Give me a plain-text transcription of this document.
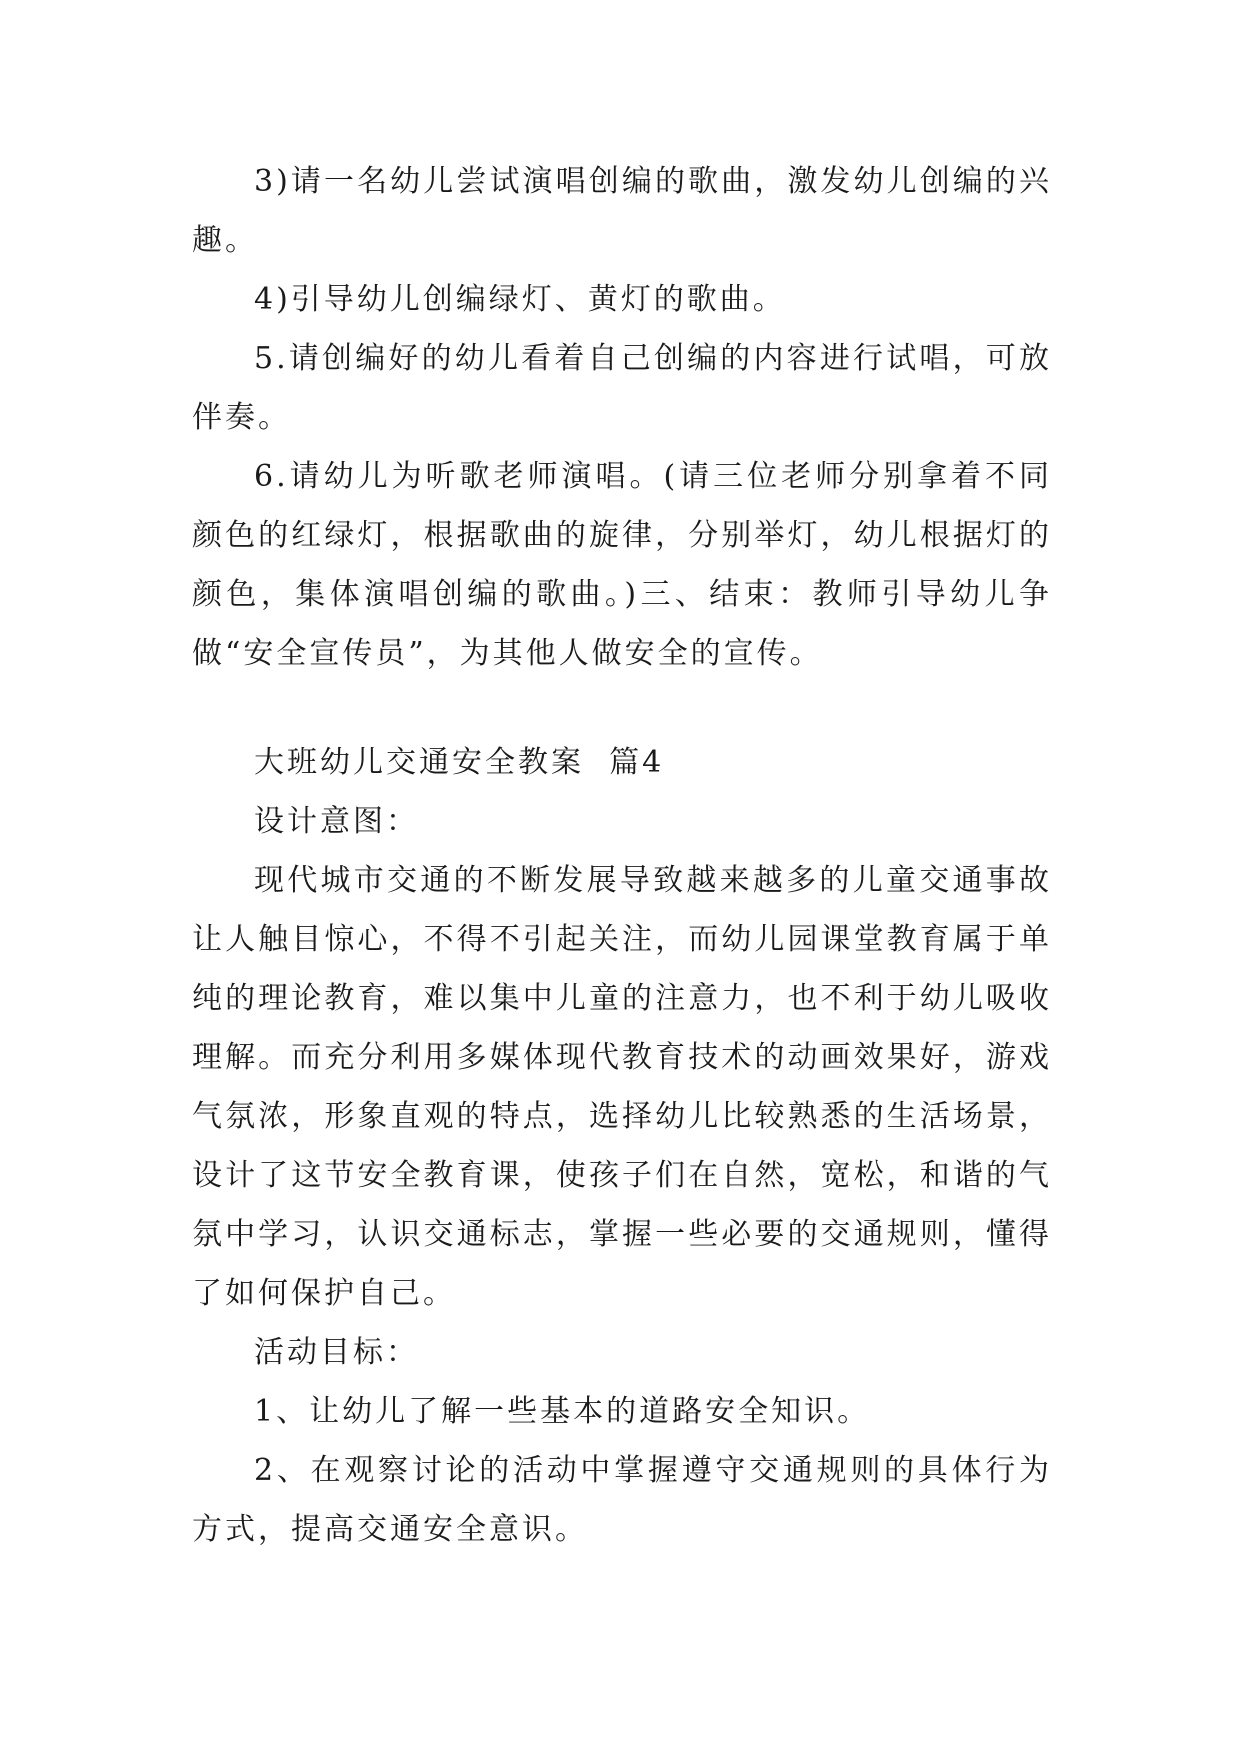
3)请一名幼儿尝试演唱创编的歌曲，激发幼儿创编的兴趣。

4)引导幼儿创编绿灯、黄灯的歌曲。

5.请创编好的幼儿看着自己创编的内容进行试唱，可放伴奏。

6.请幼儿为听歌老师演唱。(请三位老师分别拿着不同颜色的红绿灯，根据歌曲的旋律，分别举灯，幼儿根据灯的颜色，集体演唱创编的歌曲。)三、结束：教师引导幼儿争做“安全宣传员”，为其他人做安全的宣传。

大班幼儿交通安全教案  篇4

设计意图：

现代城市交通的不断发展导致越来越多的儿童交通事故让人触目惊心，不得不引起关注，而幼儿园课堂教育属于单纯的理论教育，难以集中儿童的注意力，也不利于幼儿吸收理解。而充分利用多媒体现代教育技术的动画效果好，游戏气氛浓，形象直观的特点，选择幼儿比较熟悉的生活场景，设计了这节安全教育课，使孩子们在自然，宽松，和谐的气氛中学习，认识交通标志，掌握一些必要的交通规则，懂得了如何保护自己。

活动目标：

1、让幼儿了解一些基本的道路安全知识。

2、在观察讨论的活动中掌握遵守交通规则的具体行为方式，提高交通安全意识。
